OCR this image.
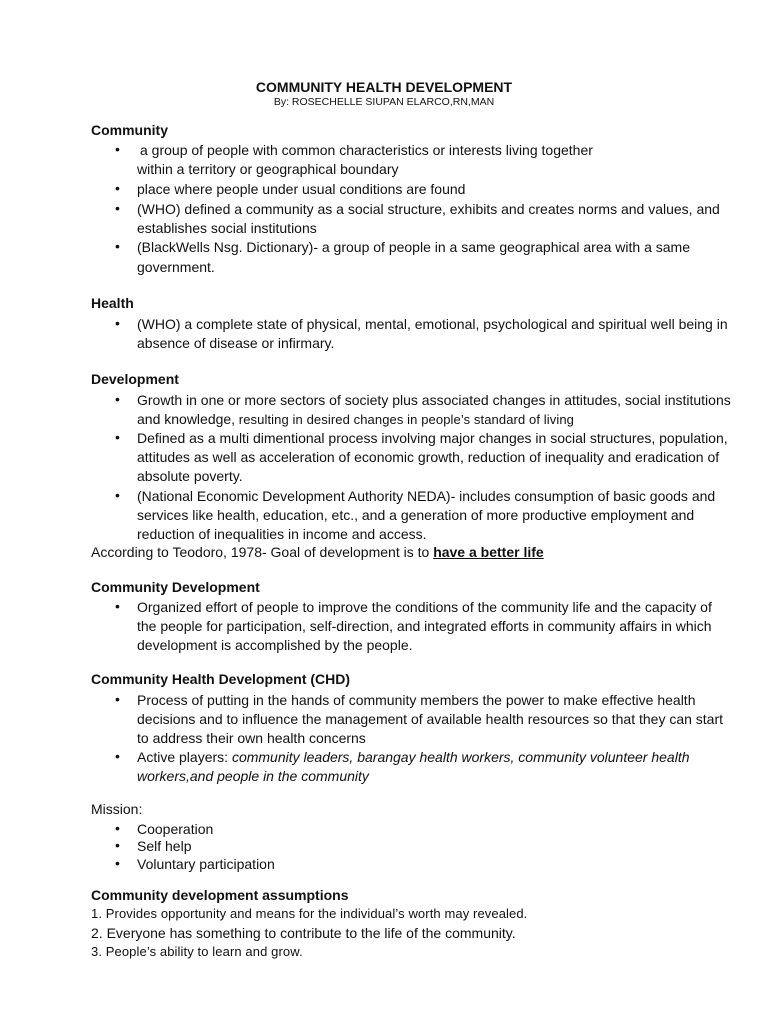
COMMUNITY HEALTH DEVELOPMENT
By: ROSECHELLE SIUPAN ELARCO,RN,MAN
Community
• a group of people with common characteristics or interests living together
within a territory or geographical boundary
• place where people under usual conditions are found
• (WHO) defined a community as a social structure, exhibits and creates norms and values, and
establishes social institutions
• (BlackWells Nsg. Dictionary)- a group of people in a same geographical area with a same
government.
Health
• (WHO) a complete state of physical, mental, emotional, psychological and spiritual well being in
absence of disease or infirmary.
Development
• Growth in one or more sectors of society plus associated changes in attitudes, social institutions
and knowledge, resulting in desired changes in people’s standard of living
• Defined as a multi dimentional process involving major changes in social structures, population,
attitudes as well as acceleration of economic growth, reduction of inequality and eradication of
absolute poverty.
• (National Economic Development Authority NEDA)- includes consumption of basic goods and
services like health, education, etc., and a generation of more productive employment and
reduction of inequalities in income and access.
According to Teodoro, 1978- Goal of development is to have a better life
Community Development
• Organized effort of people to improve the conditions of the community life and the capacity of
the people for participation, self-direction, and integrated efforts in community affairs in which
development is accomplished by the people.
Community Health Development (CHD)
• Process of putting in the hands of community members the power to make effective health
decisions and to influence the management of available health resources so that they can start
to address their own health concerns
• Active players: community leaders, barangay health workers, community volunteer health
workers,and people in the community
Mission:
• Cooperation
• Self help
• Voluntary participation
Community development assumptions
1. Provides opportunity and means for the individual’s worth may revealed.
2. Everyone has something to contribute to the life of the community.
3. People’s ability to learn and grow.
